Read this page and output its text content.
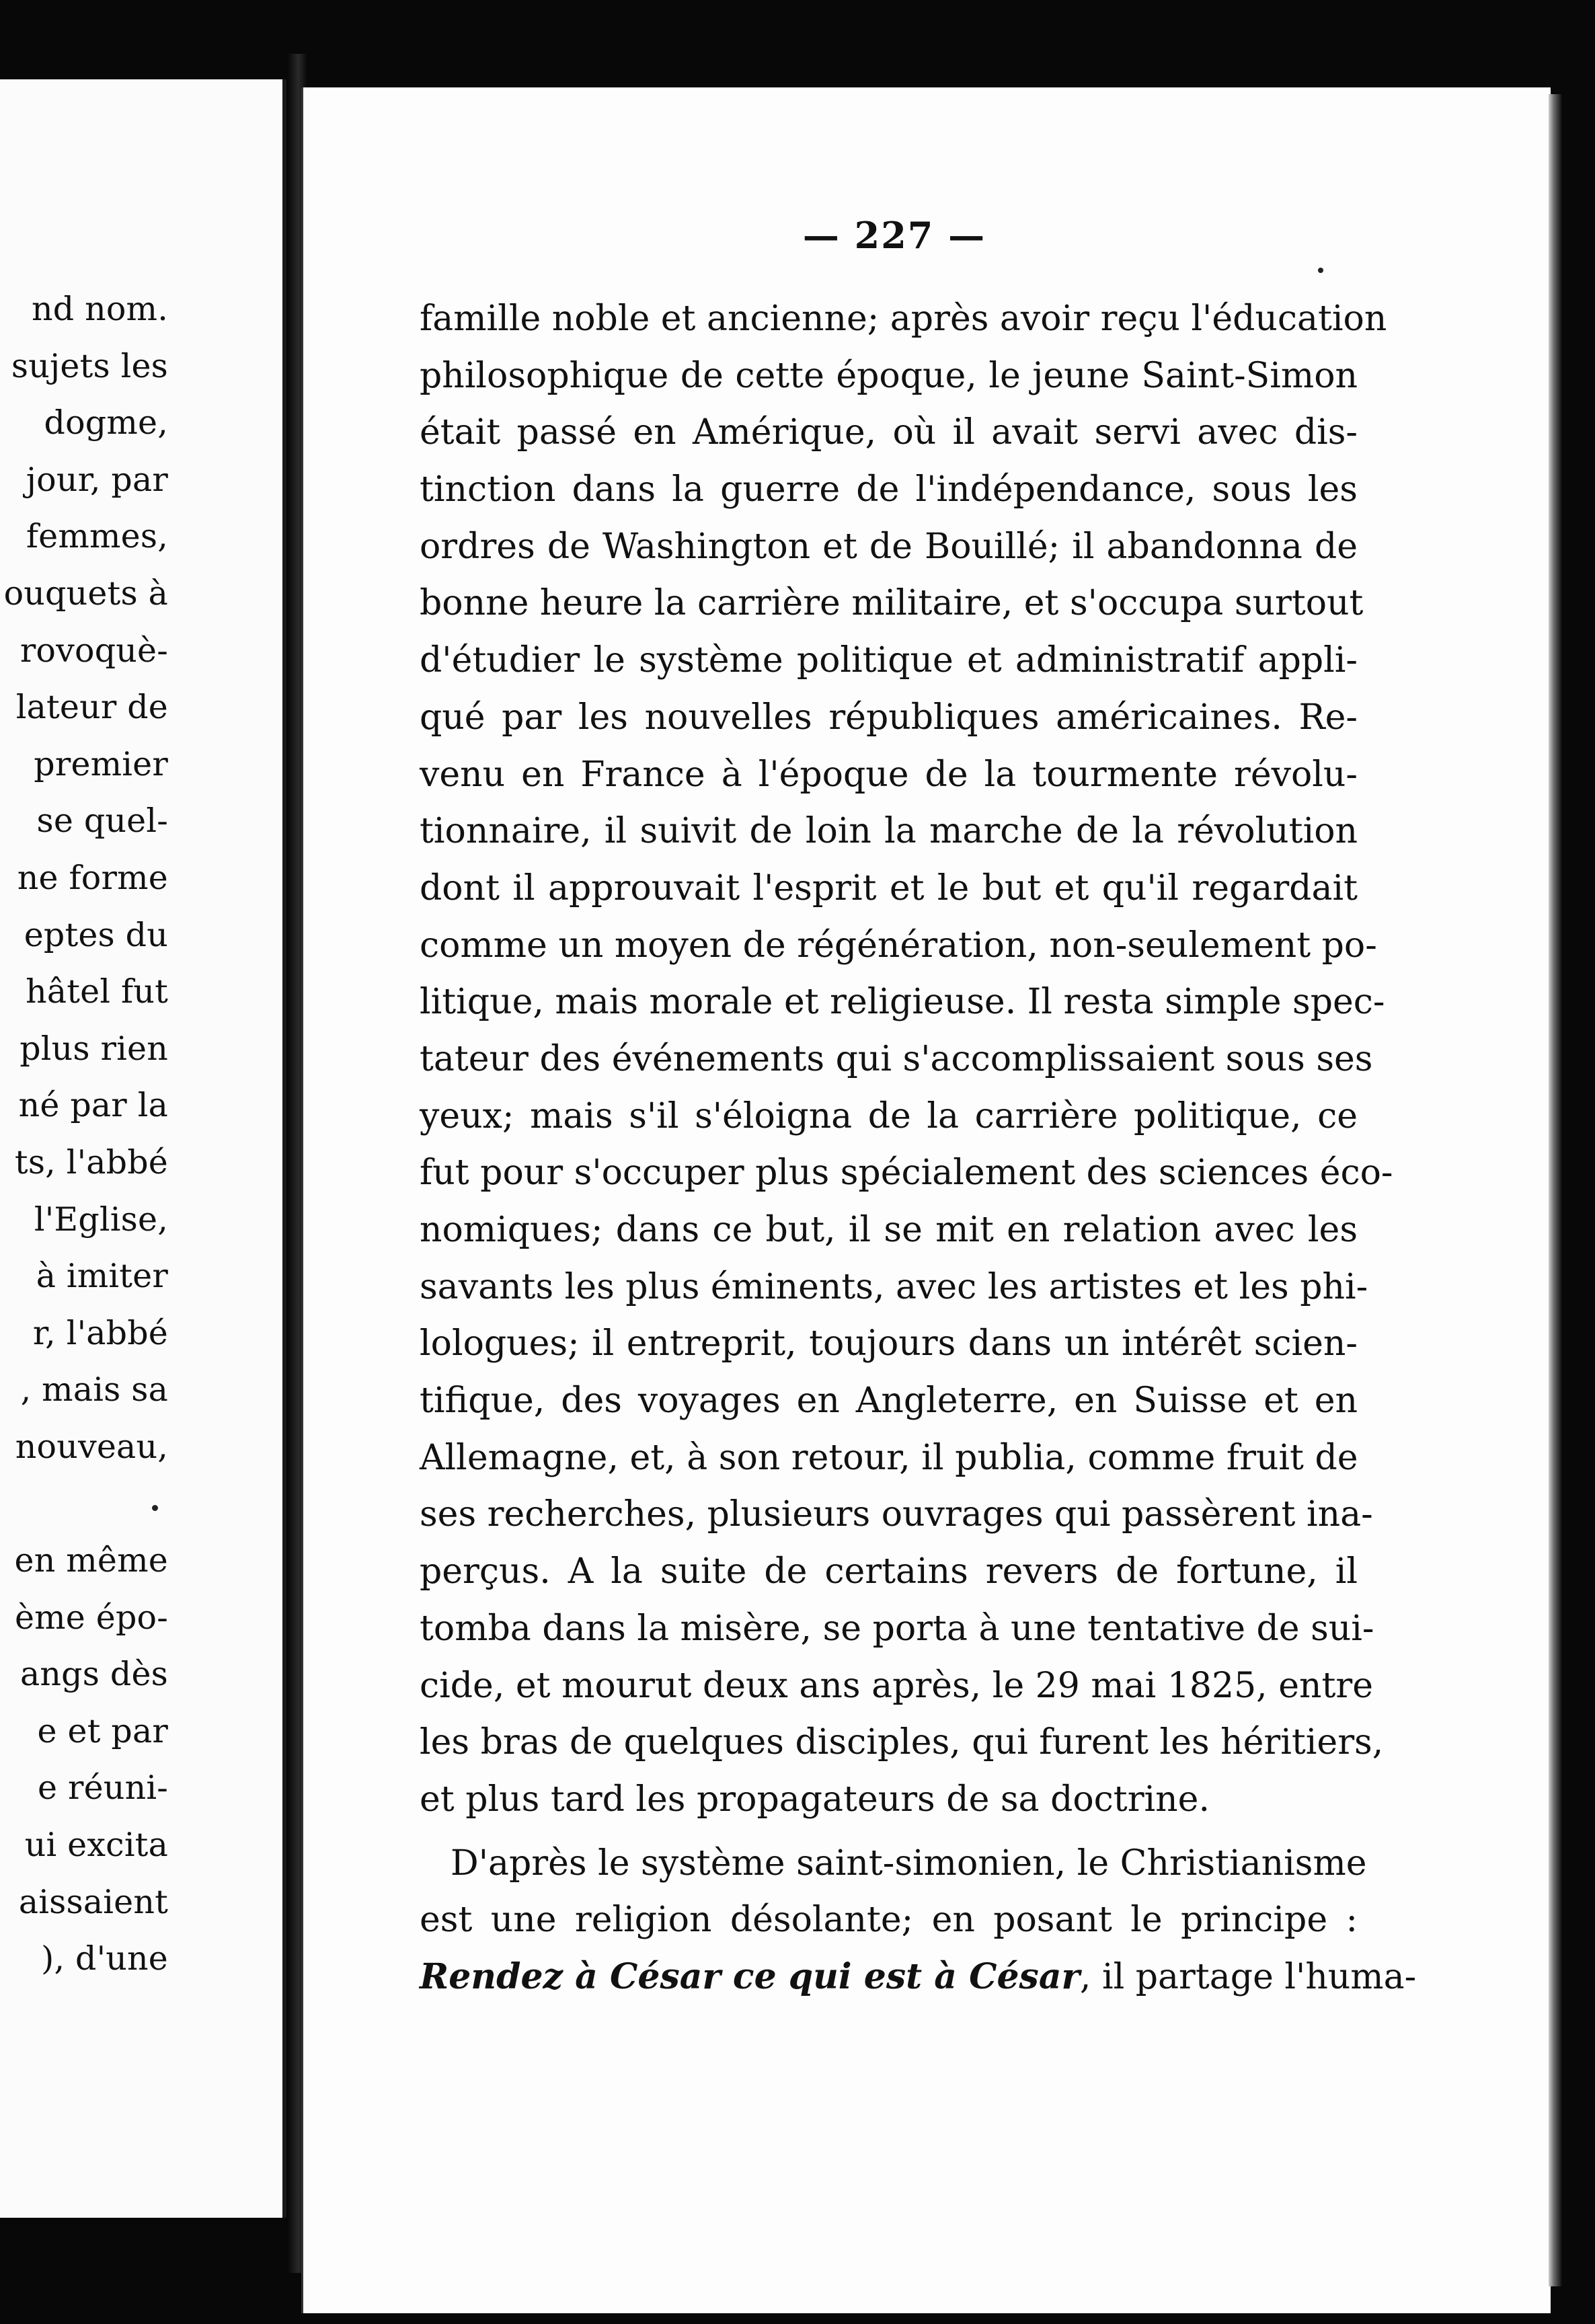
nd nom.
sujets les
dogme,
jour, par
femmes,
ouquets à
rovoquè-
lateur de
premier
se quel-
ne forme
eptes du
hâtel fut
plus rien
né par la
ts, l'abbé
l'Eglise,
à imiter
r, l'abbé
, mais sa
nouveau,
en même
ème épo-
angs dès
e et par
e réuni-
ui excita
aissaient
), d'une
— 227 —
famille noble et ancienne; après avoir reçu l'éducation
philosophique de cette époque, le jeune Saint-Simon
était passé en Amérique, où il avait servi avec dis-
tinction dans la guerre de l'indépendance, sous les
ordres de Washington et de Bouillé; il abandonna de
bonne heure la carrière militaire, et s'occupa surtout
d'étudier le système politique et administratif appli-
qué par les nouvelles républiques américaines. Re-
venu en France à l'époque de la tourmente révolu-
tionnaire, il suivit de loin la marche de la révolution
dont il approuvait l'esprit et le but et qu'il regardait
comme un moyen de régénération, non-seulement po-
litique, mais morale et religieuse. Il resta simple spec-
tateur des événements qui s'accomplissaient sous ses
yeux; mais s'il s'éloigna de la carrière politique, ce
fut pour s'occuper plus spécialement des sciences éco-
nomiques; dans ce but, il se mit en relation avec les
savants les plus éminents, avec les artistes et les phi-
lologues; il entreprit, toujours dans un intérêt scien-
tifique, des voyages en Angleterre, en Suisse et en
Allemagne, et, à son retour, il publia, comme fruit de
ses recherches, plusieurs ouvrages qui passèrent ina-
perçus. A la suite de certains revers de fortune, il
tomba dans la misère, se porta à une tentative de sui-
cide, et mourut deux ans après, le 29 mai 1825, entre
les bras de quelques disciples, qui furent les héritiers,
et plus tard les propagateurs de sa doctrine.
D'après le système saint-simonien, le Christianisme
est une religion désolante; en posant le principe :
Rendez à César ce qui est à César, il partage l'huma-
